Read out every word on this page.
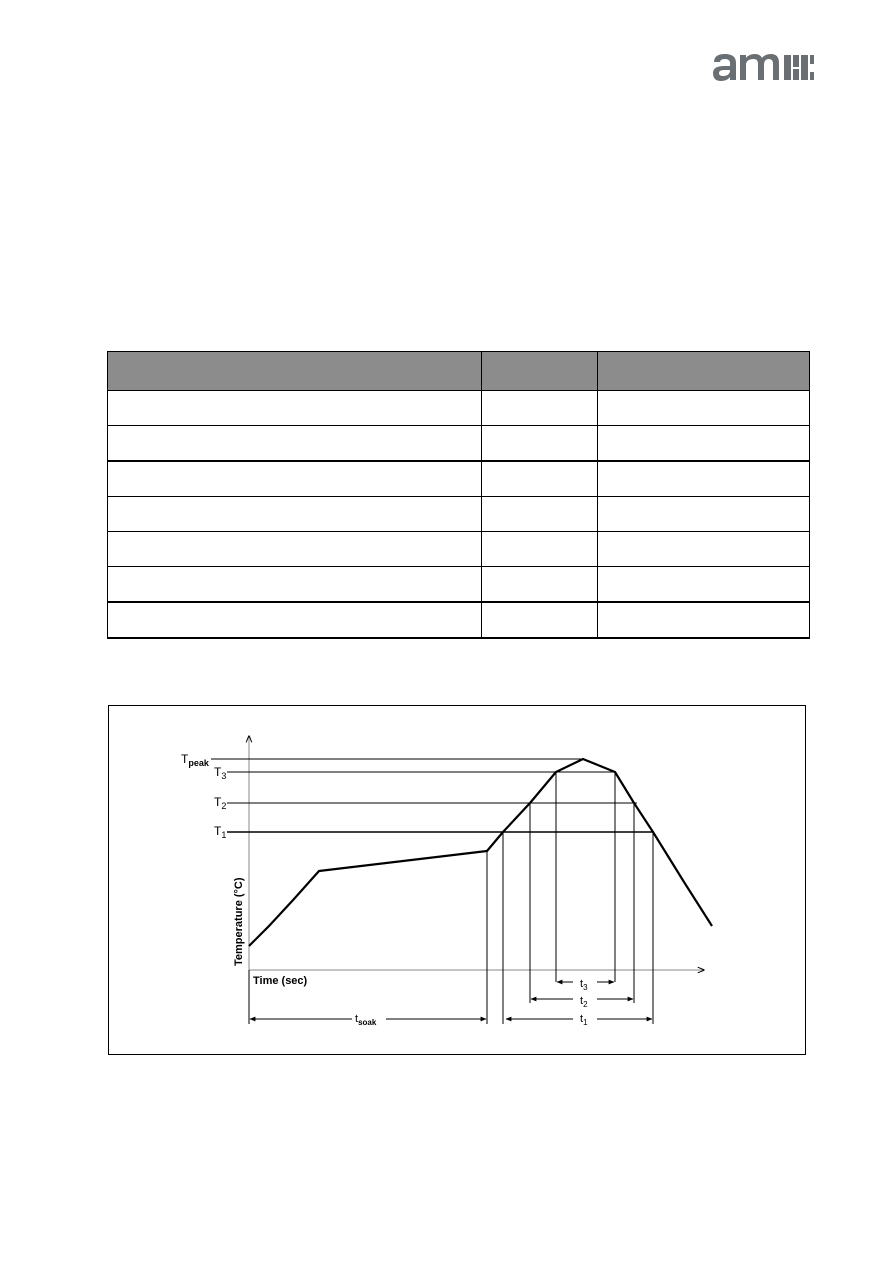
ams

$T_{peak}$
$T_3$
$T_2$
$T_1$
Temperature (°C)
Time (sec)	$t_3$
$t_2$
$t_{soak}$	$t_1$
